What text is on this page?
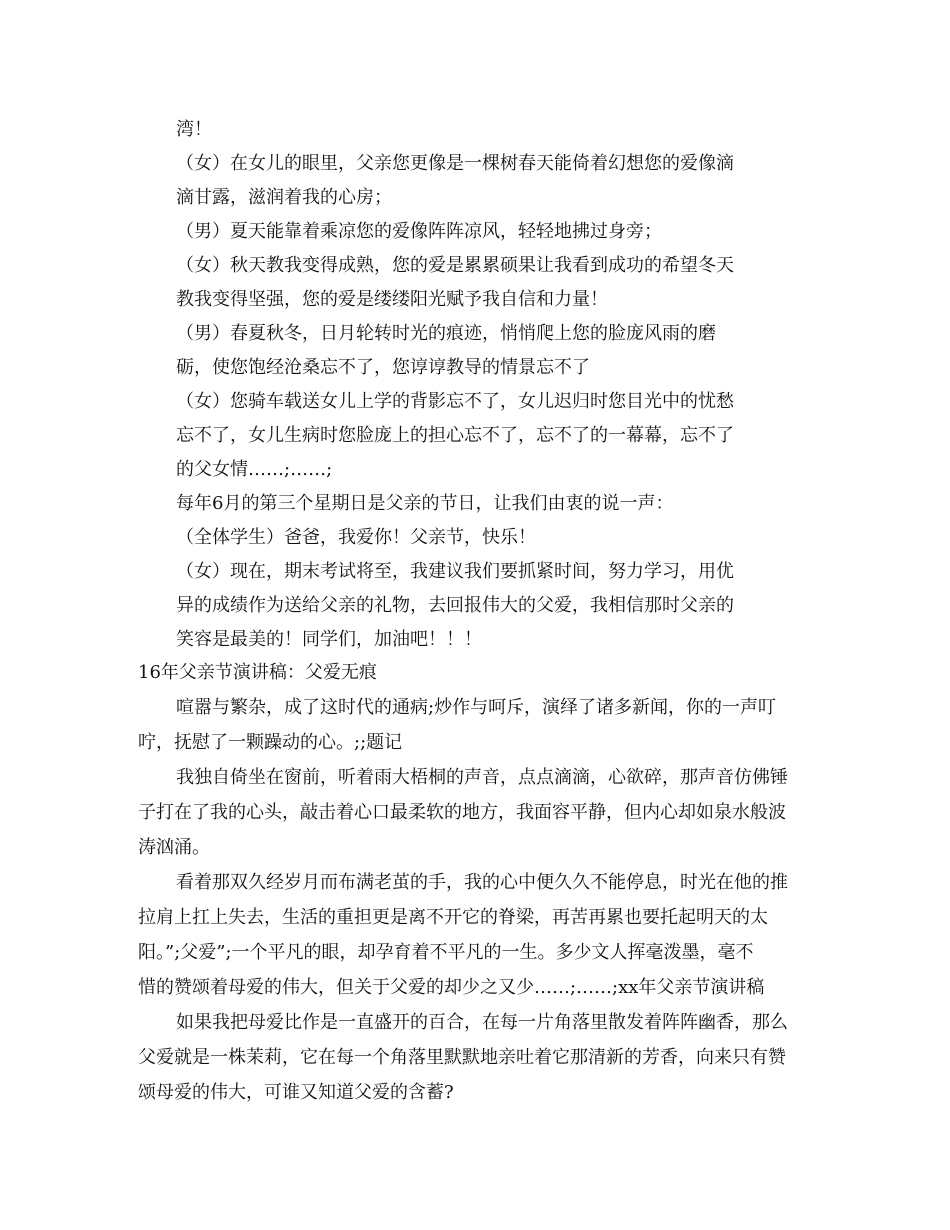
湾！

（女）在女儿的眼里，父亲您更像是一棵树春天能倚着幻想您的爱像滴

滴甘露，滋润着我的心房；

（男）夏天能靠着乘凉您的爱像阵阵凉风，轻轻地拂过身旁；

（女）秋天教我变得成熟，您的爱是累累硕果让我看到成功的希望冬天

教我变得坚强，您的爱是缕缕阳光赋予我自信和力量！

（男）春夏秋冬，日月轮转时光的痕迹，悄悄爬上您的脸庞风雨的磨

砺，使您饱经沧桑忘不了，您谆谆教导的情景忘不了

（女）您骑车载送女儿上学的背影忘不了，女儿迟归时您目光中的忧愁

忘不了，女儿生病时您脸庞上的担心忘不了，忘不了的一幕幕，忘不了

的父女情……;……;

每年6月的第三个星期日是父亲的节日，让我们由衷的说一声：

（全体学生）爸爸，我爱你！父亲节，快乐！

（女）现在，期末考试将至，我建议我们要抓紧时间，努力学习，用优

异的成绩作为送给父亲的礼物，去回报伟大的父爱，我相信那时父亲的

笑容是最美的！同学们，加油吧！！！

16年父亲节演讲稿：父爱无痕

喧嚣与繁杂，成了这时代的通病;炒作与呵斥，演绎了诸多新闻，你的一声叮

咛，抚慰了一颗躁动的心。;;题记

我独自倚坐在窗前，听着雨大梧桐的声音，点点滴滴，心欲碎，那声音仿佛锤

子打在了我的心头，敲击着心口最柔软的地方，我面容平静，但内心却如泉水般波

涛汹涌。

看着那双久经岁月而布满老茧的手，我的心中便久久不能停息，时光在他的推

拉肩上扛上失去，生活的重担更是离不开它的脊梁，再苦再累也要托起明天的太

阳。”;父爱”;一个平凡的眼，却孕育着不平凡的一生。多少文人挥毫泼墨，毫不

惜的赞颂着母爱的伟大，但关于父爱的却少之又少……;……;xx年父亲节演讲稿

如果我把母爱比作是一直盛开的百合，在每一片角落里散发着阵阵幽香，那么

父爱就是一株茉莉，它在每一个角落里默默地亲吐着它那清新的芳香，向来只有赞

颂母爱的伟大，可谁又知道父爱的含蓄?
